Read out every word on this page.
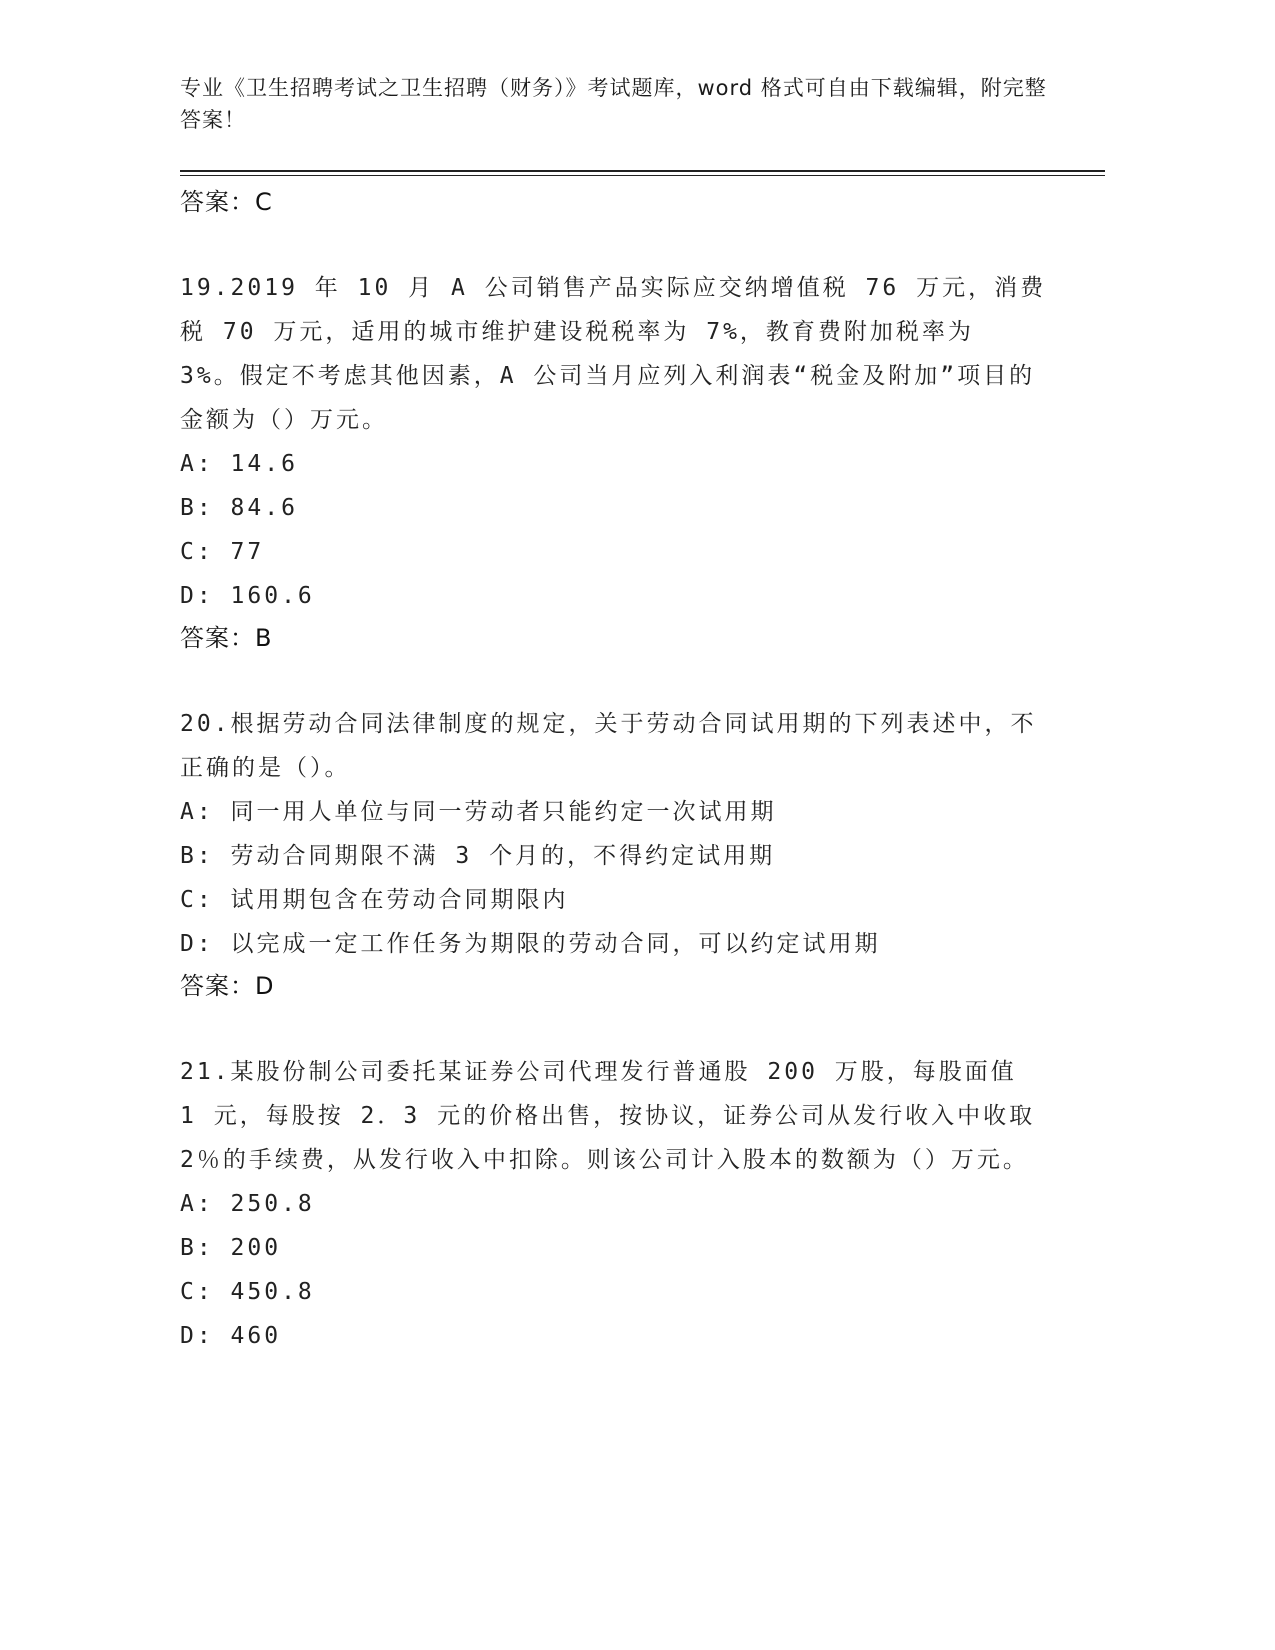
专业《卫生招聘考试之卫生招聘（财务）》考试题库，word 格式可自由下载编辑，附完整答案！
答案：C

19.2019 年 10 月 A 公司销售产品实际应交纳增值税 76 万元，消费税 70 万元，适用的城市维护建设税税率为 7%，教育费附加税率为 3%。假定不考虑其他因素，A 公司当月应列入利润表“税金及附加”项目的金额为（）万元。

A: 14.6
B: 84.6
C: 77
D: 160.6
答案：B

20.根据劳动合同法律制度的规定，关于劳动合同试用期的下列表述中，不正确的是（）。

A: 同一用人单位与同一劳动者只能约定一次试用期
B: 劳动合同期限不满 3 个月的，不得约定试用期
C: 试用期包含在劳动合同期限内
D: 以完成一定工作任务为期限的劳动合同，可以约定试用期
答案：D

21.某股份制公司委托某证券公司代理发行普通股 200 万股，每股面值 1 元，每股按 2．3 元的价格出售，按协议，证券公司从发行收入中收取 2％的手续费，从发行收入中扣除。则该公司计入股本的数额为（）万元。

A: 250.8
B: 200
C: 450.8
D: 460
